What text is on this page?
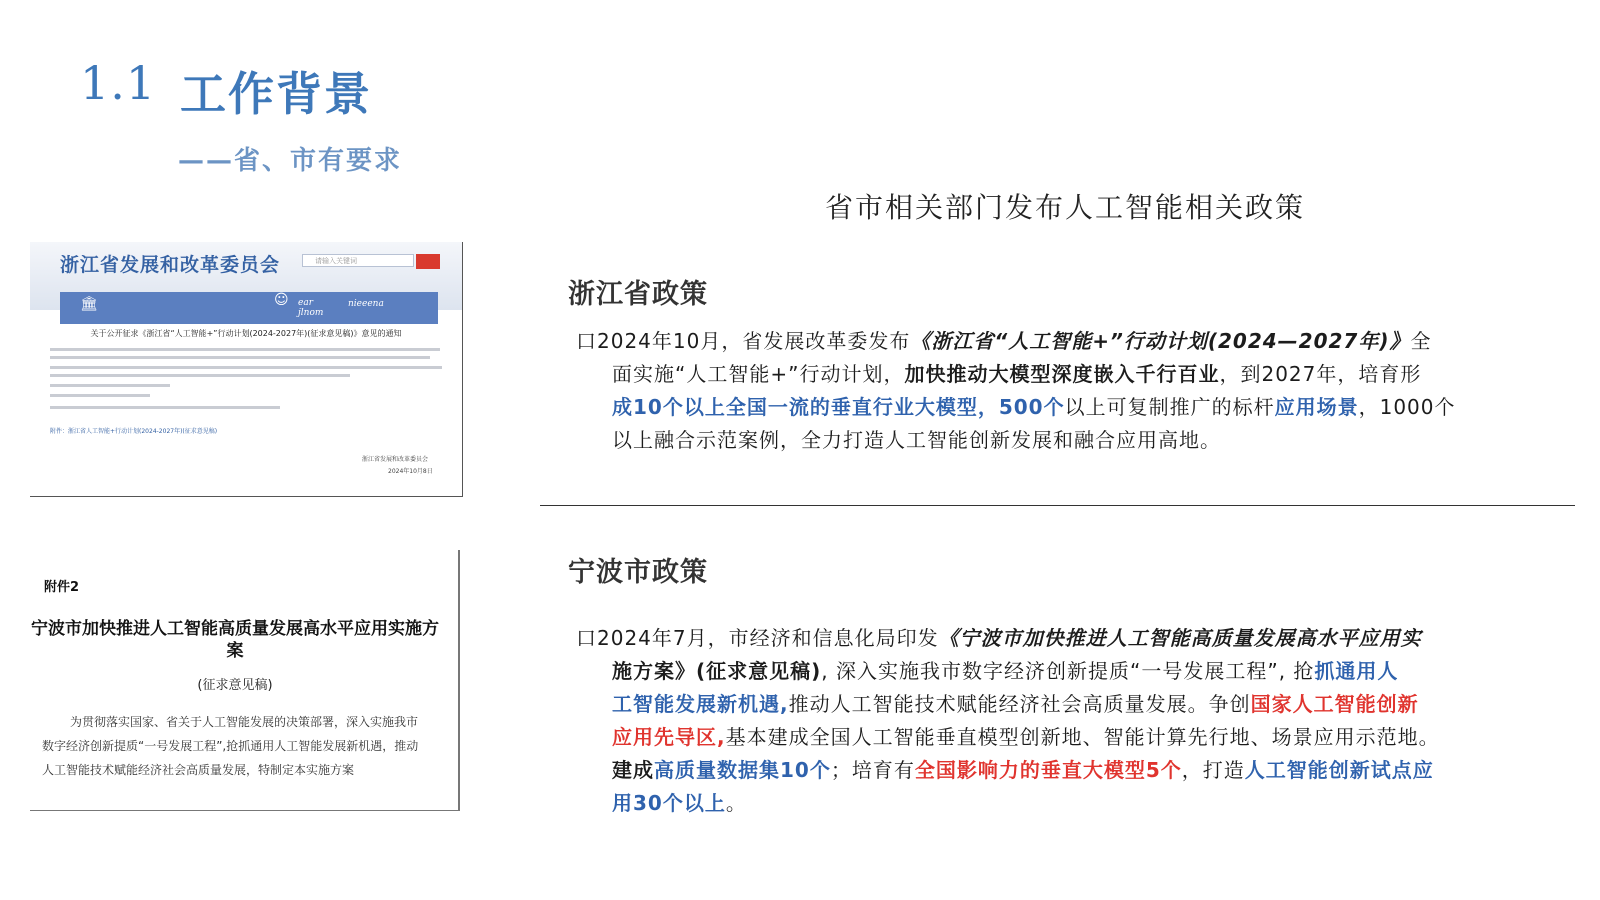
1.1 工作背景
——省、市有要求
省市相关部门发布人工智能相关政策
浙江省政策
口2024年10月，省发展改革委发布《浙江省“人工智能+”行动计划(2024—2027年)》全
面实施“人工智能+”行动计划，加快推动大模型深度嵌入千行百业，到2027年，培育形
成10个以上全国一流的垂直行业大模型，500个以上可复制推广的标杆应用场景，1000个
以上融合示范案例，全力打造人工智能创新发展和融合应用高地。
宁波市政策
口2024年7月，市经济和信息化局印发《宁波市加快推进人工智能高质量发展高水平应用实
施方案》(征求意见稿), 深入实施我市数字经济创新提质“一号发展工程”, 抢抓通用人
工智能发展新机遇,推动人工智能技术赋能经济社会高质量发展。争创国家人工智能创新
应用先导区,基本建成全国人工智能垂直模型创新地、智能计算先行地、场景应用示范地。
建成高质量数据集10个；培育有全国影响力的垂直大模型5个，打造人工智能创新试点应
用30个以上。
浙江省发展和改革委员会	请输入关键词
🏛	☺	ear
jlnom
nieeena
关于公开征求《浙江省“人工智能+”行动计划(2024-2027年)(征求意见稿)》意见的通知
附件：浙江省人工智能+行动计划(2024-2027年)(征求意见稿)
浙江省发展和改革委员会
2024年10月8日
附件2
宁波市加快推进人工智能高质量发展高水平应用实施方案
(征求意见稿)
为贯彻落实国家、省关于人工智能发展的决策部署，深入实施我市数字经济创新提质“一号发展工程”,抢抓通用人工智能发展新机遇，推动人工智能技术赋能经济社会高质量发展，特制定本实施方案
